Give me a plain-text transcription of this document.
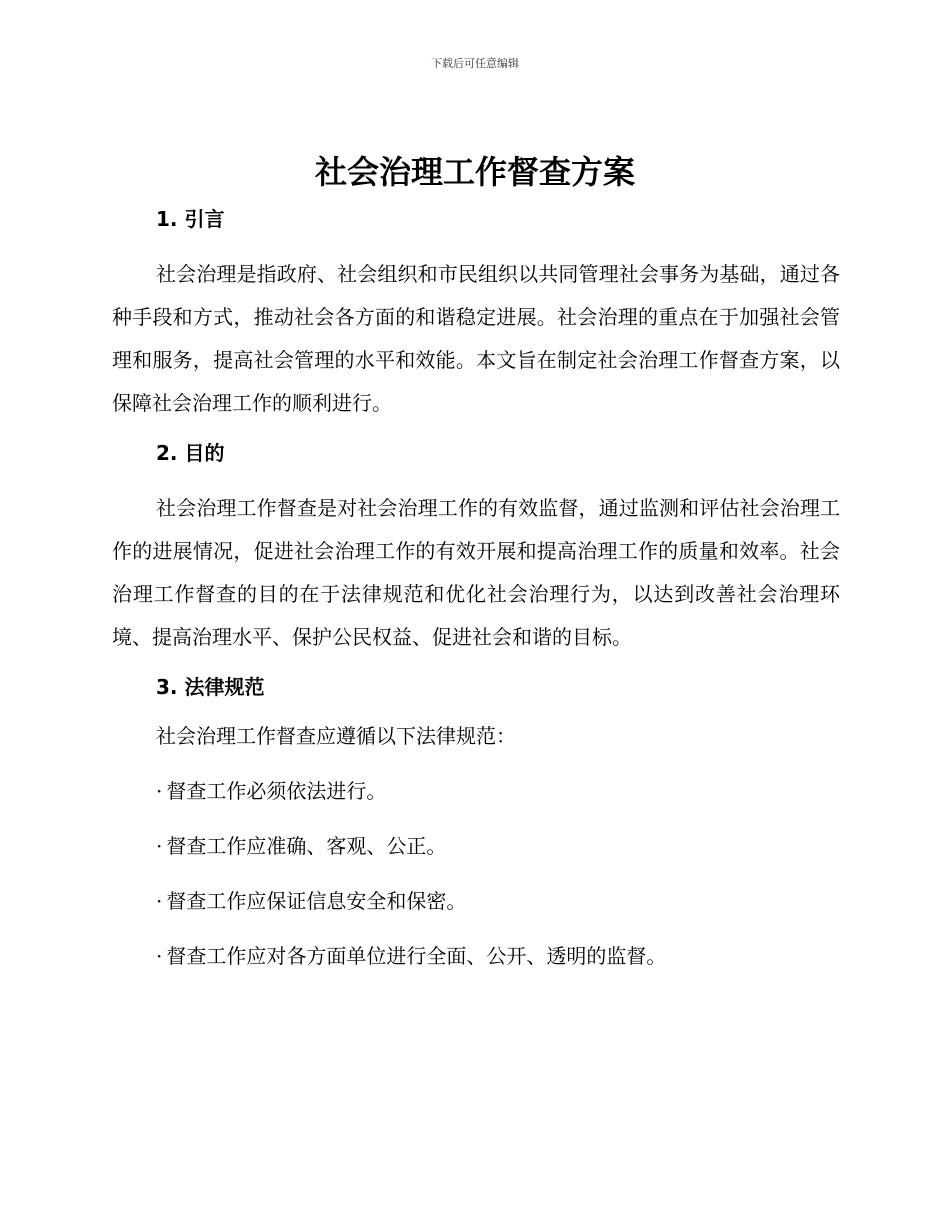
下载后可任意编辑
社会治理工作督查方案
1. 引言

社会治理是指政府、社会组织和市民组织以共同管理社会事务为基础，通过各种手段和方式，推动社会各方面的和谐稳定进展。社会治理的重点在于加强社会管理和服务，提高社会管理的水平和效能。本文旨在制定社会治理工作督查方案，以保障社会治理工作的顺利进行。

2. 目的

社会治理工作督查是对社会治理工作的有效监督，通过监测和评估社会治理工作的进展情况，促进社会治理工作的有效开展和提高治理工作的质量和效率。社会治理工作督查的目的在于法律规范和优化社会治理行为，以达到改善社会治理环境、提高治理水平、保护公民权益、促进社会和谐的目标。

3. 法律规范

社会治理工作督查应遵循以下法律规范：

· 督查工作必须依法进行。

· 督查工作应准确、客观、公正。

· 督查工作应保证信息安全和保密。

· 督查工作应对各方面单位进行全面、公开、透明的监督。
